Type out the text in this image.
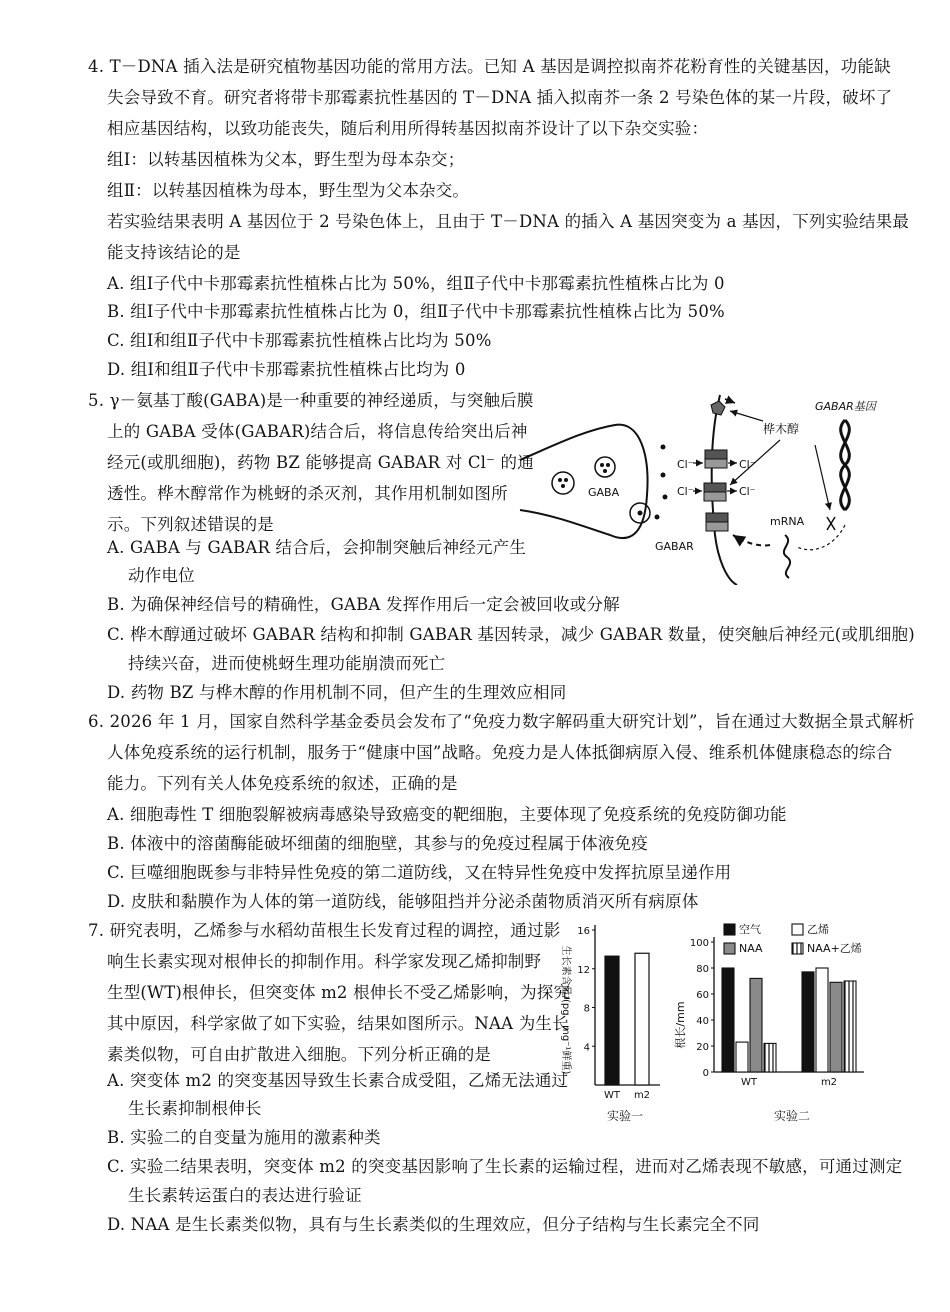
4. T－DNA 插入法是研究植物基因功能的常用方法。已知 A 基因是调控拟南芥花粉育性的关键基因，功能缺
失会导致不育。研究者将带卡那霉素抗性基因的 T－DNA 插入拟南芥一条 2 号染色体的某一片段，破坏了
相应基因结构，以致功能丧失，随后利用所得转基因拟南芥设计了以下杂交实验：
组Ⅰ：以转基因植株为父本，野生型为母本杂交；
组Ⅱ：以转基因植株为母本，野生型为父本杂交。
若实验结果表明 A 基因位于 2 号染色体上，且由于 T－DNA 的插入 A 基因突变为 a 基因，下列实验结果最
能支持该结论的是
A. 组Ⅰ子代中卡那霉素抗性植株占比为 50%，组Ⅱ子代中卡那霉素抗性植株占比为 0
B. 组Ⅰ子代中卡那霉素抗性植株占比为 0，组Ⅱ子代中卡那霉素抗性植株占比为 50%
C. 组Ⅰ和组Ⅱ子代中卡那霉素抗性植株占比均为 50%
D. 组Ⅰ和组Ⅱ子代中卡那霉素抗性植株占比均为 0
5. γ－氨基丁酸(GABA)是一种重要的神经递质，与突触后膜
上的 GABA 受体(GABAR)结合后，将信息传给突出后神
经元(或肌细胞)，药物 BZ 能够提高 GABAR 对 Cl⁻ 的通
透性。桦木醇常作为桃蚜的杀灭剂，其作用机制如图所
示。下列叙述错误的是
A. GABA 与 GABAR 结合后，会抑制突触后神经元产生
动作电位
B. 为确保神经信号的精确性，GABA 发挥作用后一定会被回收或分解
C. 桦木醇通过破坏 GABAR 结构和抑制 GABAR 基因转录，减少 GABAR 数量，使突触后神经元(或肌细胞)
持续兴奋，进而使桃蚜生理功能崩溃而死亡
D. 药物 BZ 与桦木醇的作用机制不同，但产生的生理效应相同
GABA
Cl⁻	Cl⁻
Cl⁻	Cl⁻
GABAR
桦木醇
GABAR基因
mRNA
6. 2026 年 1 月，国家自然科学基金委员会发布了“免疫力数字解码重大研究计划”，旨在通过大数据全景式解析
人体免疫系统的运行机制，服务于“健康中国”战略。免疫力是人体抵御病原入侵、维系机体健康稳态的综合
能力。下列有关人体免疫系统的叙述，正确的是
A. 细胞毒性 T 细胞裂解被病毒感染导致癌变的靶细胞，主要体现了免疫系统的免疫防御功能
B. 体液中的溶菌酶能破坏细菌的细胞壁，其参与的免疫过程属于体液免疫
C. 巨噬细胞既参与非特异性免疫的第二道防线，又在特异性免疫中发挥抗原呈递作用
D. 皮肤和黏膜作为人体的第一道防线，能够阻挡并分泌杀菌物质消灭所有病原体
7. 研究表明，乙烯参与水稻幼苗根生长发育过程的调控，通过影
响生长素实现对根伸长的抑制作用。科学家发现乙烯抑制野
生型(WT)根伸长，但突变体 m2 根伸长不受乙烯影响，为探究
其中原因，科学家做了如下实验，结果如图所示。NAA 为生长
素类似物，可自由扩散进入细胞。下列分析正确的是
A. 突变体 m2 的突变基因导致生长素合成受阻，乙烯无法通过
生长素抑制根伸长
B. 实验二的自变量为施用的激素种类
C. 实验二结果表明，突变体 m2 的突变基因影响了生长素的运输过程，进而对乙烯表现不敏感，可通过测定
生长素转运蛋白的表达进行验证
D. NAA 是生长素类似物，具有与生长素类似的生理效应，但分子结构与生长素完全不同
生长素含量/(pg · mg⁻¹鲜重) 4
8
12
16
WT m2
实验一
根长/mm
0
20
40
60
80
100
WT	m2
空气	乙烯
NAA	NAA+乙烯
实验二
